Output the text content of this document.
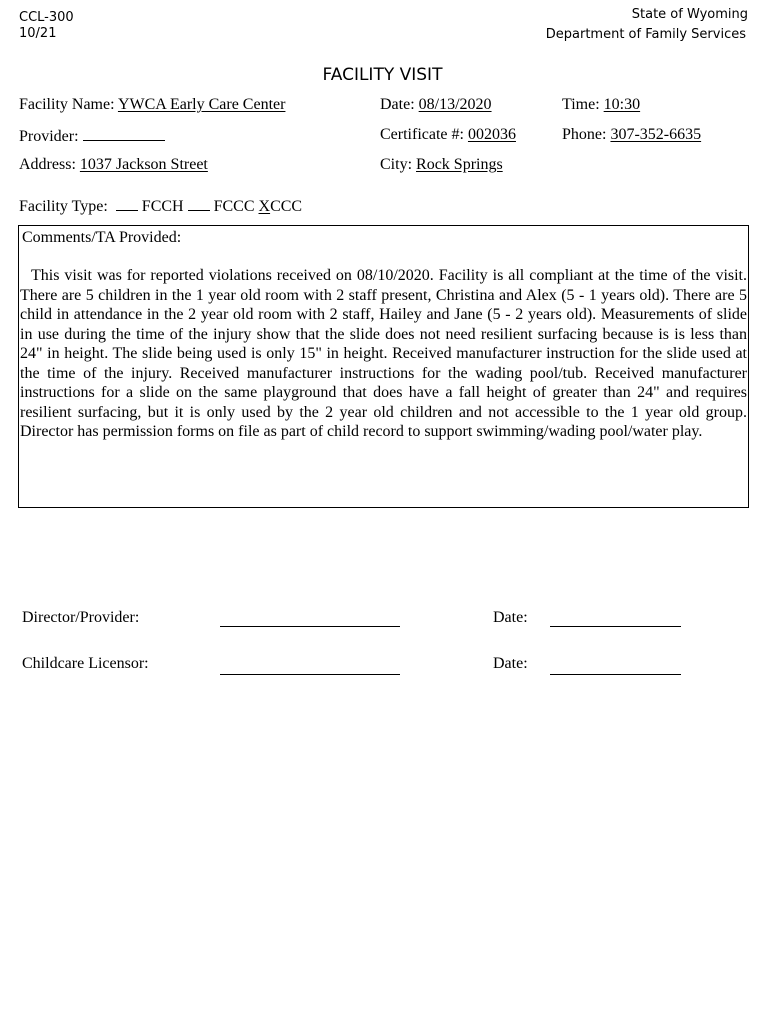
CCL-300
10/21
State of Wyoming
Department of Family Services
FACILITY VISIT
Facility Name: YWCA Early Care Center	Date: 08/13/2020	Time: 10:30
Provider:	Certificate #: 002036	Phone: 307-352-6635
Address: 1037 Jackson Street	City: Rock Springs
Facility Type: FCCH FCCC XCCC
Comments/TA Provided:

This visit was for reported violations received on 08/10/2020. Facility is all compliant at the time of the visit. There are 5 children in the 1 year old room with 2 staff present, Christina and Alex (5 - 1 years old). There are 5 child in attendance in the 2 year old room with 2 staff, Hailey and Jane (5 - 2 years old). Measurements of slide in use during the time of the injury show that the slide does not need resilient surfacing because is is less than 24" in height. The slide being used is only 15" in height. Received manufacturer instruction for the slide used at the time of the injury. Received manufacturer instructions for the wading pool/tub. Received manufacturer instructions for a slide on the same playground that does have a fall height of greater than 24" and requires resilient surfacing, but it is only used by the 2 year old children and not accessible to the 1 year old group. Director has permission forms on file as part of child record to support swimming/wading pool/water play.

Director/Provider:	Date:
Childcare Licensor:	Date:
